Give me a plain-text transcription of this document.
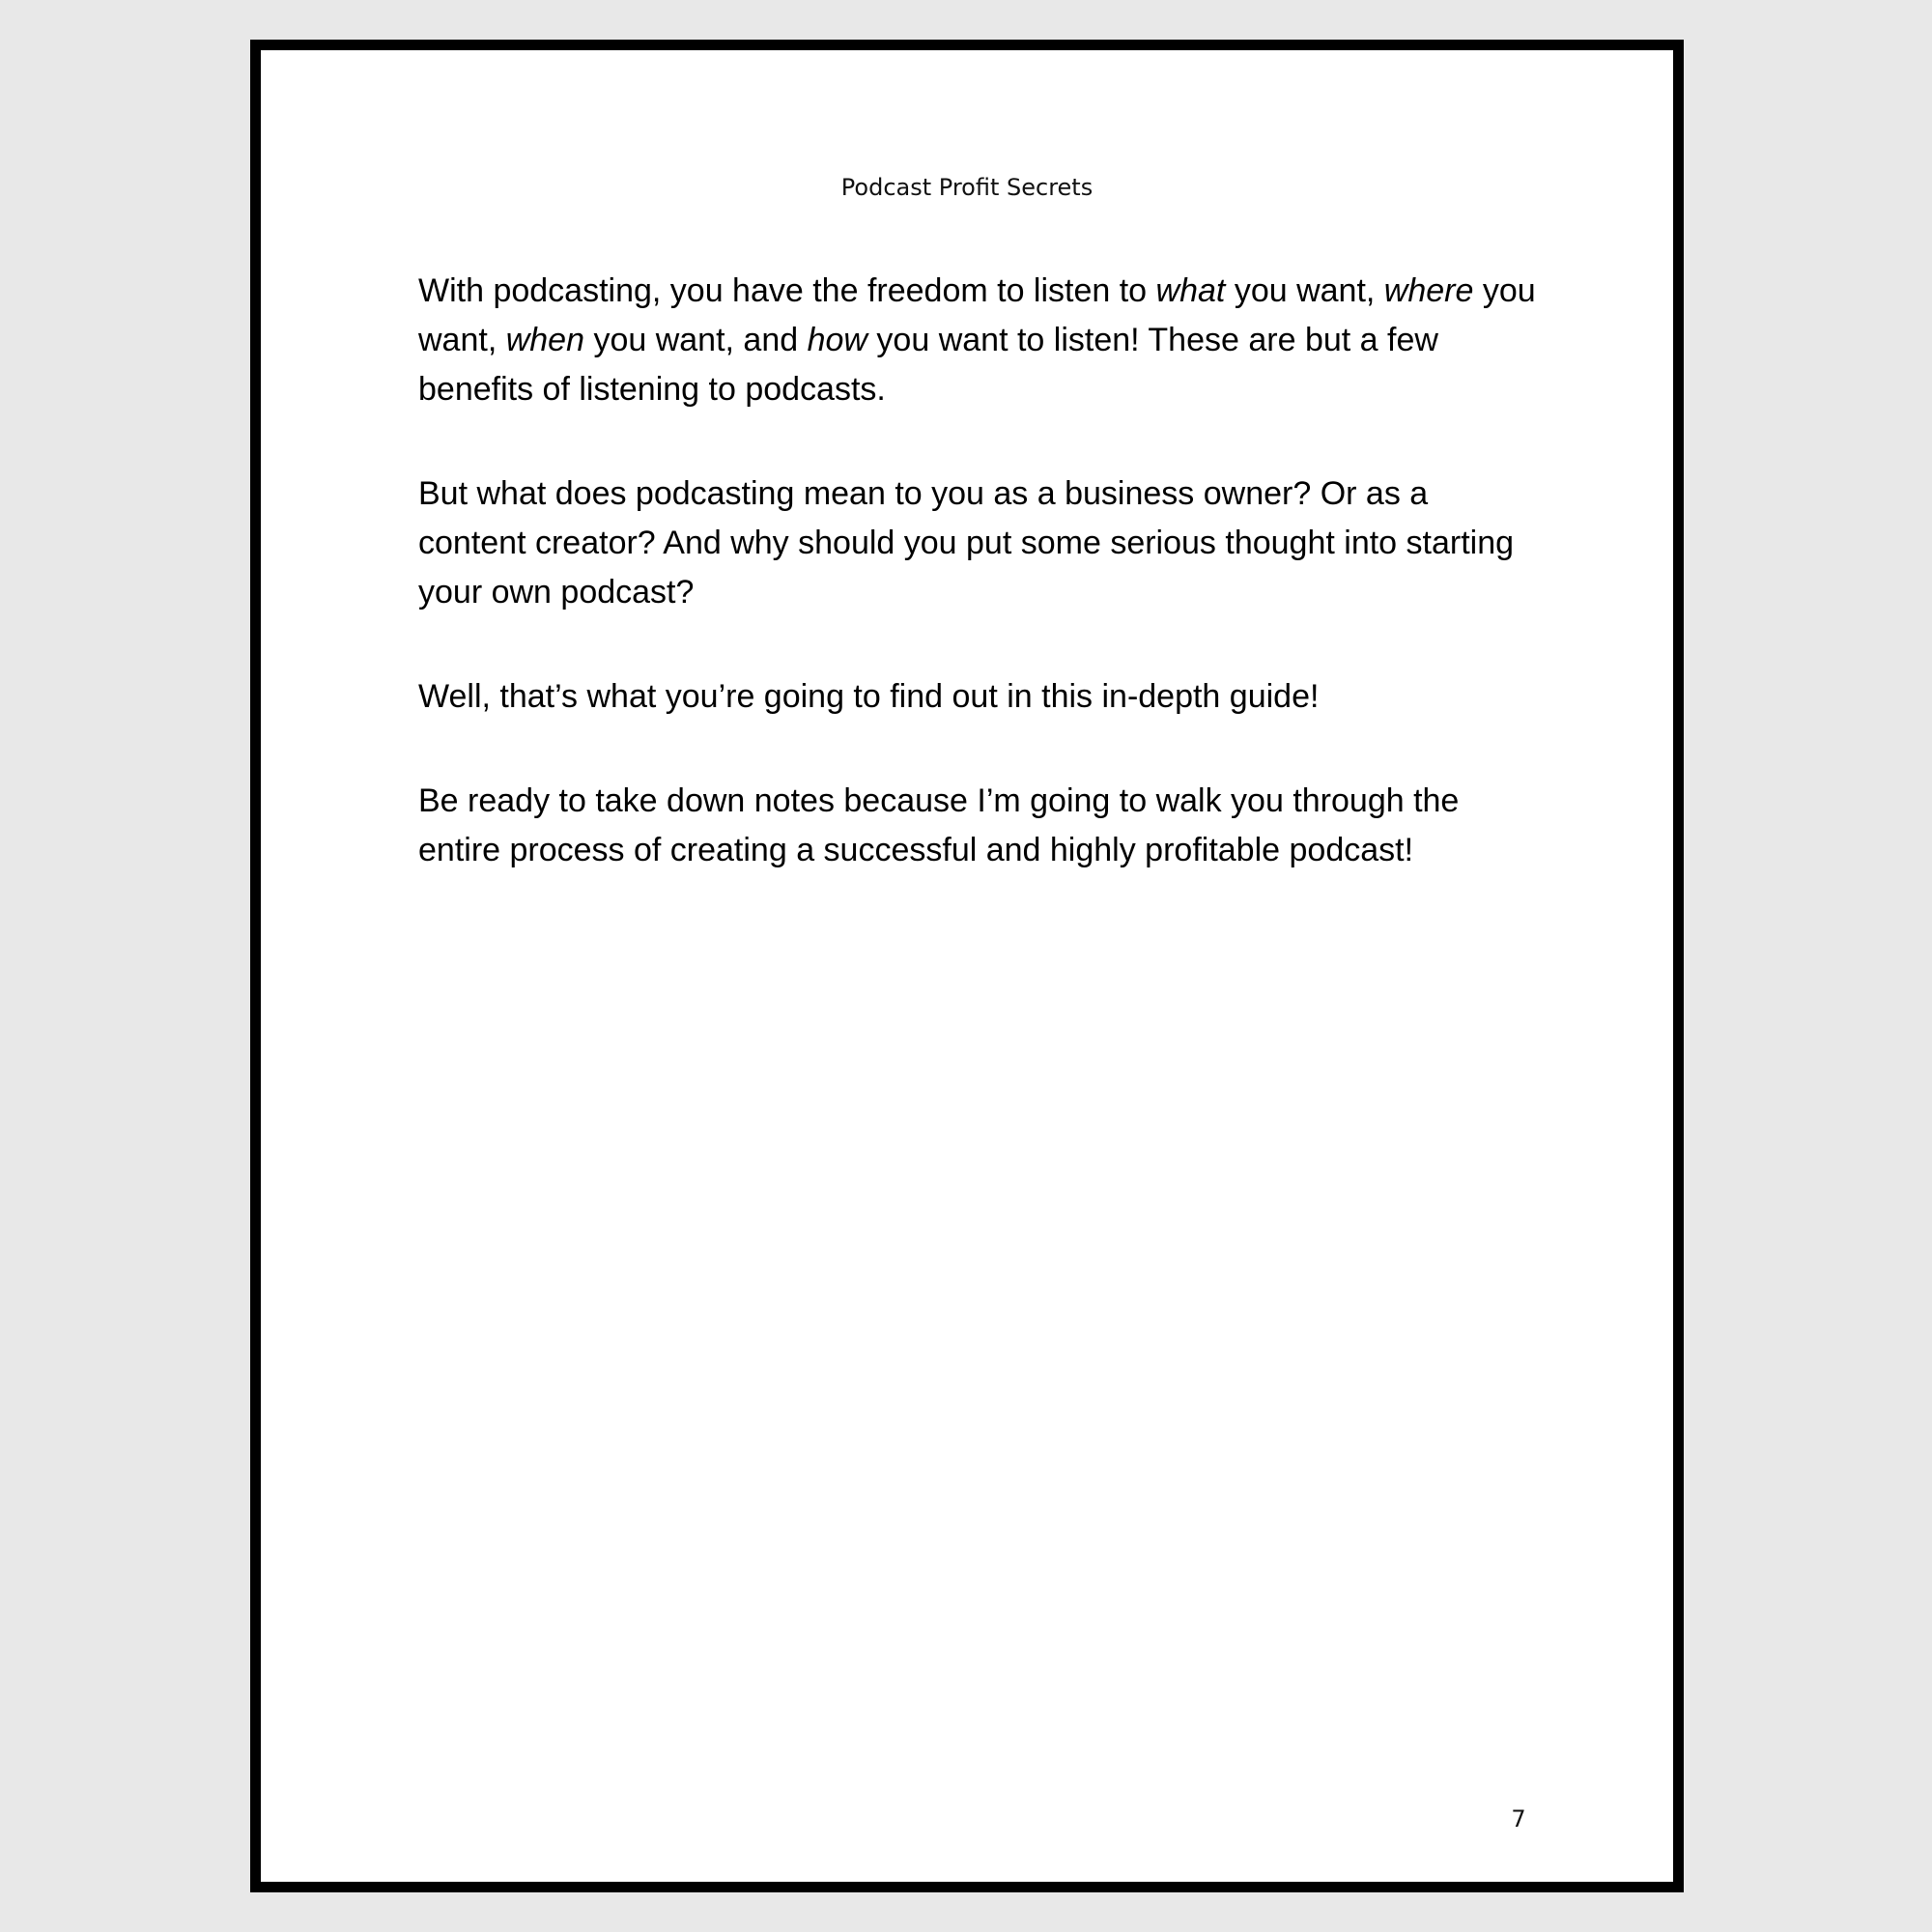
Podcast Profit Secrets

With podcasting, you have the freedom to listen to what you want, where you want, when you want, and how you want to listen! These are but a few benefits of listening to podcasts.

But what does podcasting mean to you as a business owner? Or as a content creator? And why should you put some serious thought into starting your own podcast?

Well, that’s what you’re going to find out in this in-depth guide!

Be ready to take down notes because I’m going to walk you through the entire process of creating a successful and highly profitable podcast!

7
